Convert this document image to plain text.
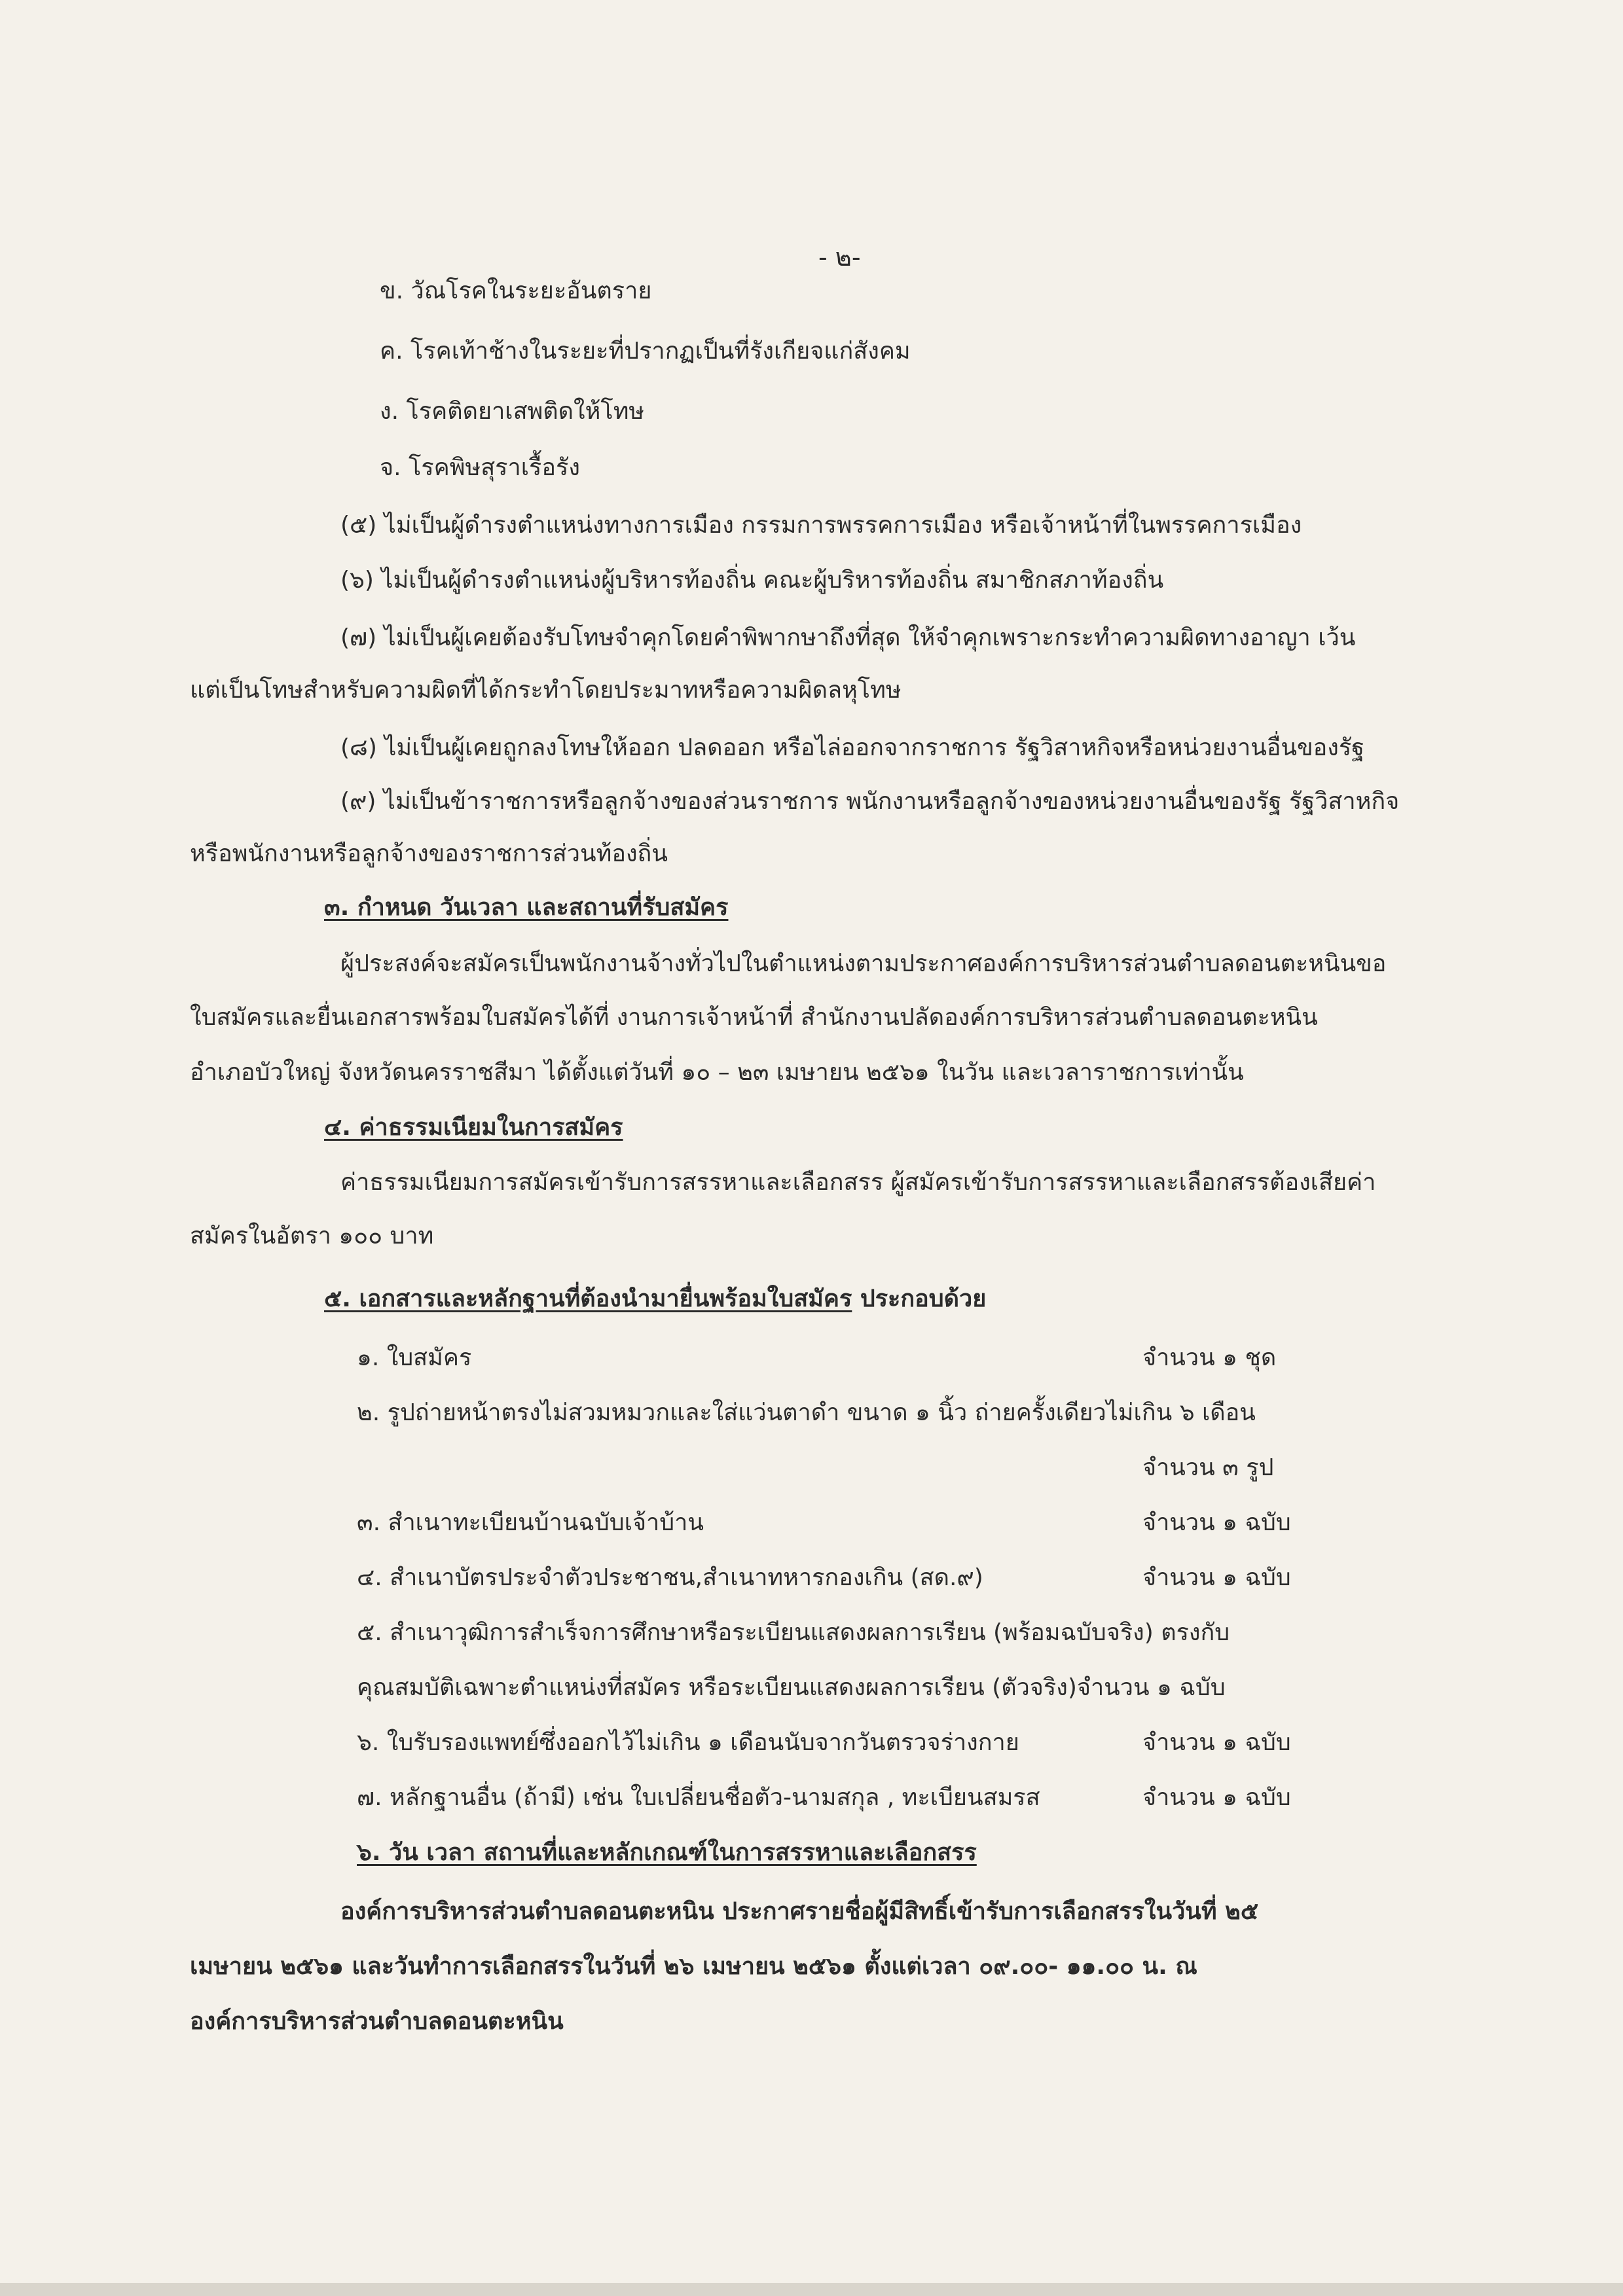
- ๒-
ข. วัณโรคในระยะอันตราย
ค. โรคเท้าช้างในระยะที่ปรากฏเป็นที่รังเกียจแก่สังคม
ง. โรคติดยาเสพติดให้โทษ
จ. โรคพิษสุราเรื้อรัง
(๕) ไม่เป็นผู้ดำรงตำแหน่งทางการเมือง กรรมการพรรคการเมือง หรือเจ้าหน้าที่ในพรรคการเมือง
(๖) ไม่เป็นผู้ดำรงตำแหน่งผู้บริหารท้องถิ่น คณะผู้บริหารท้องถิ่น สมาชิกสภาท้องถิ่น
(๗) ไม่เป็นผู้เคยต้องรับโทษจำคุกโดยคำพิพากษาถึงที่สุด ให้จำคุกเพราะกระทำความผิดทางอาญา เว้น
แต่เป็นโทษสำหรับความผิดที่ได้กระทำโดยประมาทหรือความผิดลหุโทษ
(๘) ไม่เป็นผู้เคยถูกลงโทษให้ออก ปลดออก หรือไล่ออกจากราชการ รัฐวิสาหกิจหรือหน่วยงานอื่นของรัฐ
(๙) ไม่เป็นข้าราชการหรือลูกจ้างของส่วนราชการ พนักงานหรือลูกจ้างของหน่วยงานอื่นของรัฐ รัฐวิสาหกิจ
หรือพนักงานหรือลูกจ้างของราชการส่วนท้องถิ่น
๓. กำหนด วันเวลา และสถานที่รับสมัคร
ผู้ประสงค์จะสมัครเป็นพนักงานจ้างทั่วไปในตำแหน่งตามประกาศองค์การบริหารส่วนตำบลดอนตะหนินขอ
ใบสมัครและยื่นเอกสารพร้อมใบสมัครได้ที่ งานการเจ้าหน้าที่ สำนักงานปลัดองค์การบริหารส่วนตำบลดอนตะหนิน
อำเภอบัวใหญ่ จังหวัดนครราชสีมา ได้ตั้งแต่วันที่ ๑๐ – ๒๓ เมษายน ๒๕๖๑ ในวัน และเวลาราชการเท่านั้น
๔. ค่าธรรมเนียมในการสมัคร
ค่าธรรมเนียมการสมัครเข้ารับการสรรหาและเลือกสรร ผู้สมัครเข้ารับการสรรหาและเลือกสรรต้องเสียค่า
สมัครในอัตรา ๑๐๐ บาท
๕. เอกสารและหลักฐานที่ต้องนำมายื่นพร้อมใบสมัคร ประกอบด้วย
๑. ใบสมัคร	จำนวน ๑ ชุด
๒. รูปถ่ายหน้าตรงไม่สวมหมวกและใส่แว่นตาดำ ขนาด ๑ นิ้ว ถ่ายครั้งเดียวไม่เกิน ๖ เดือน
จำนวน ๓ รูป
๓. สำเนาทะเบียนบ้านฉบับเจ้าบ้าน	จำนวน ๑ ฉบับ
๔. สำเนาบัตรประจำตัวประชาชน,สำเนาทหารกองเกิน (สด.๙)	จำนวน ๑ ฉบับ
๕. สำเนาวุฒิการสำเร็จการศึกษาหรือระเบียนแสดงผลการเรียน (พร้อมฉบับจริง) ตรงกับ
คุณสมบัติเฉพาะตำแหน่งที่สมัคร หรือระเบียนแสดงผลการเรียน (ตัวจริง)จำนวน ๑ ฉบับ
๖. ใบรับรองแพทย์ซึ่งออกไว้ไม่เกิน ๑ เดือนนับจากวันตรวจร่างกาย	จำนวน ๑ ฉบับ
๗. หลักฐานอื่น (ถ้ามี) เช่น ใบเปลี่ยนชื่อตัว-นามสกุล , ทะเบียนสมรส	จำนวน ๑ ฉบับ
๖. วัน เวลา สถานที่และหลักเกณฑ์ในการสรรหาและเลือกสรร
องค์การบริหารส่วนตำบลดอนตะหนิน ประกาศรายชื่อผู้มีสิทธิ์เข้ารับการเลือกสรรในวันที่ ๒๕
เมษายน ๒๕๖๑ และวันทำการเลือกสรรในวันที่ ๒๖ เมษายน ๒๕๖๑ ตั้งแต่เวลา ๐๙.๐๐- ๑๑.๐๐ น. ณ
องค์การบริหารส่วนตำบลดอนตะหนิน
